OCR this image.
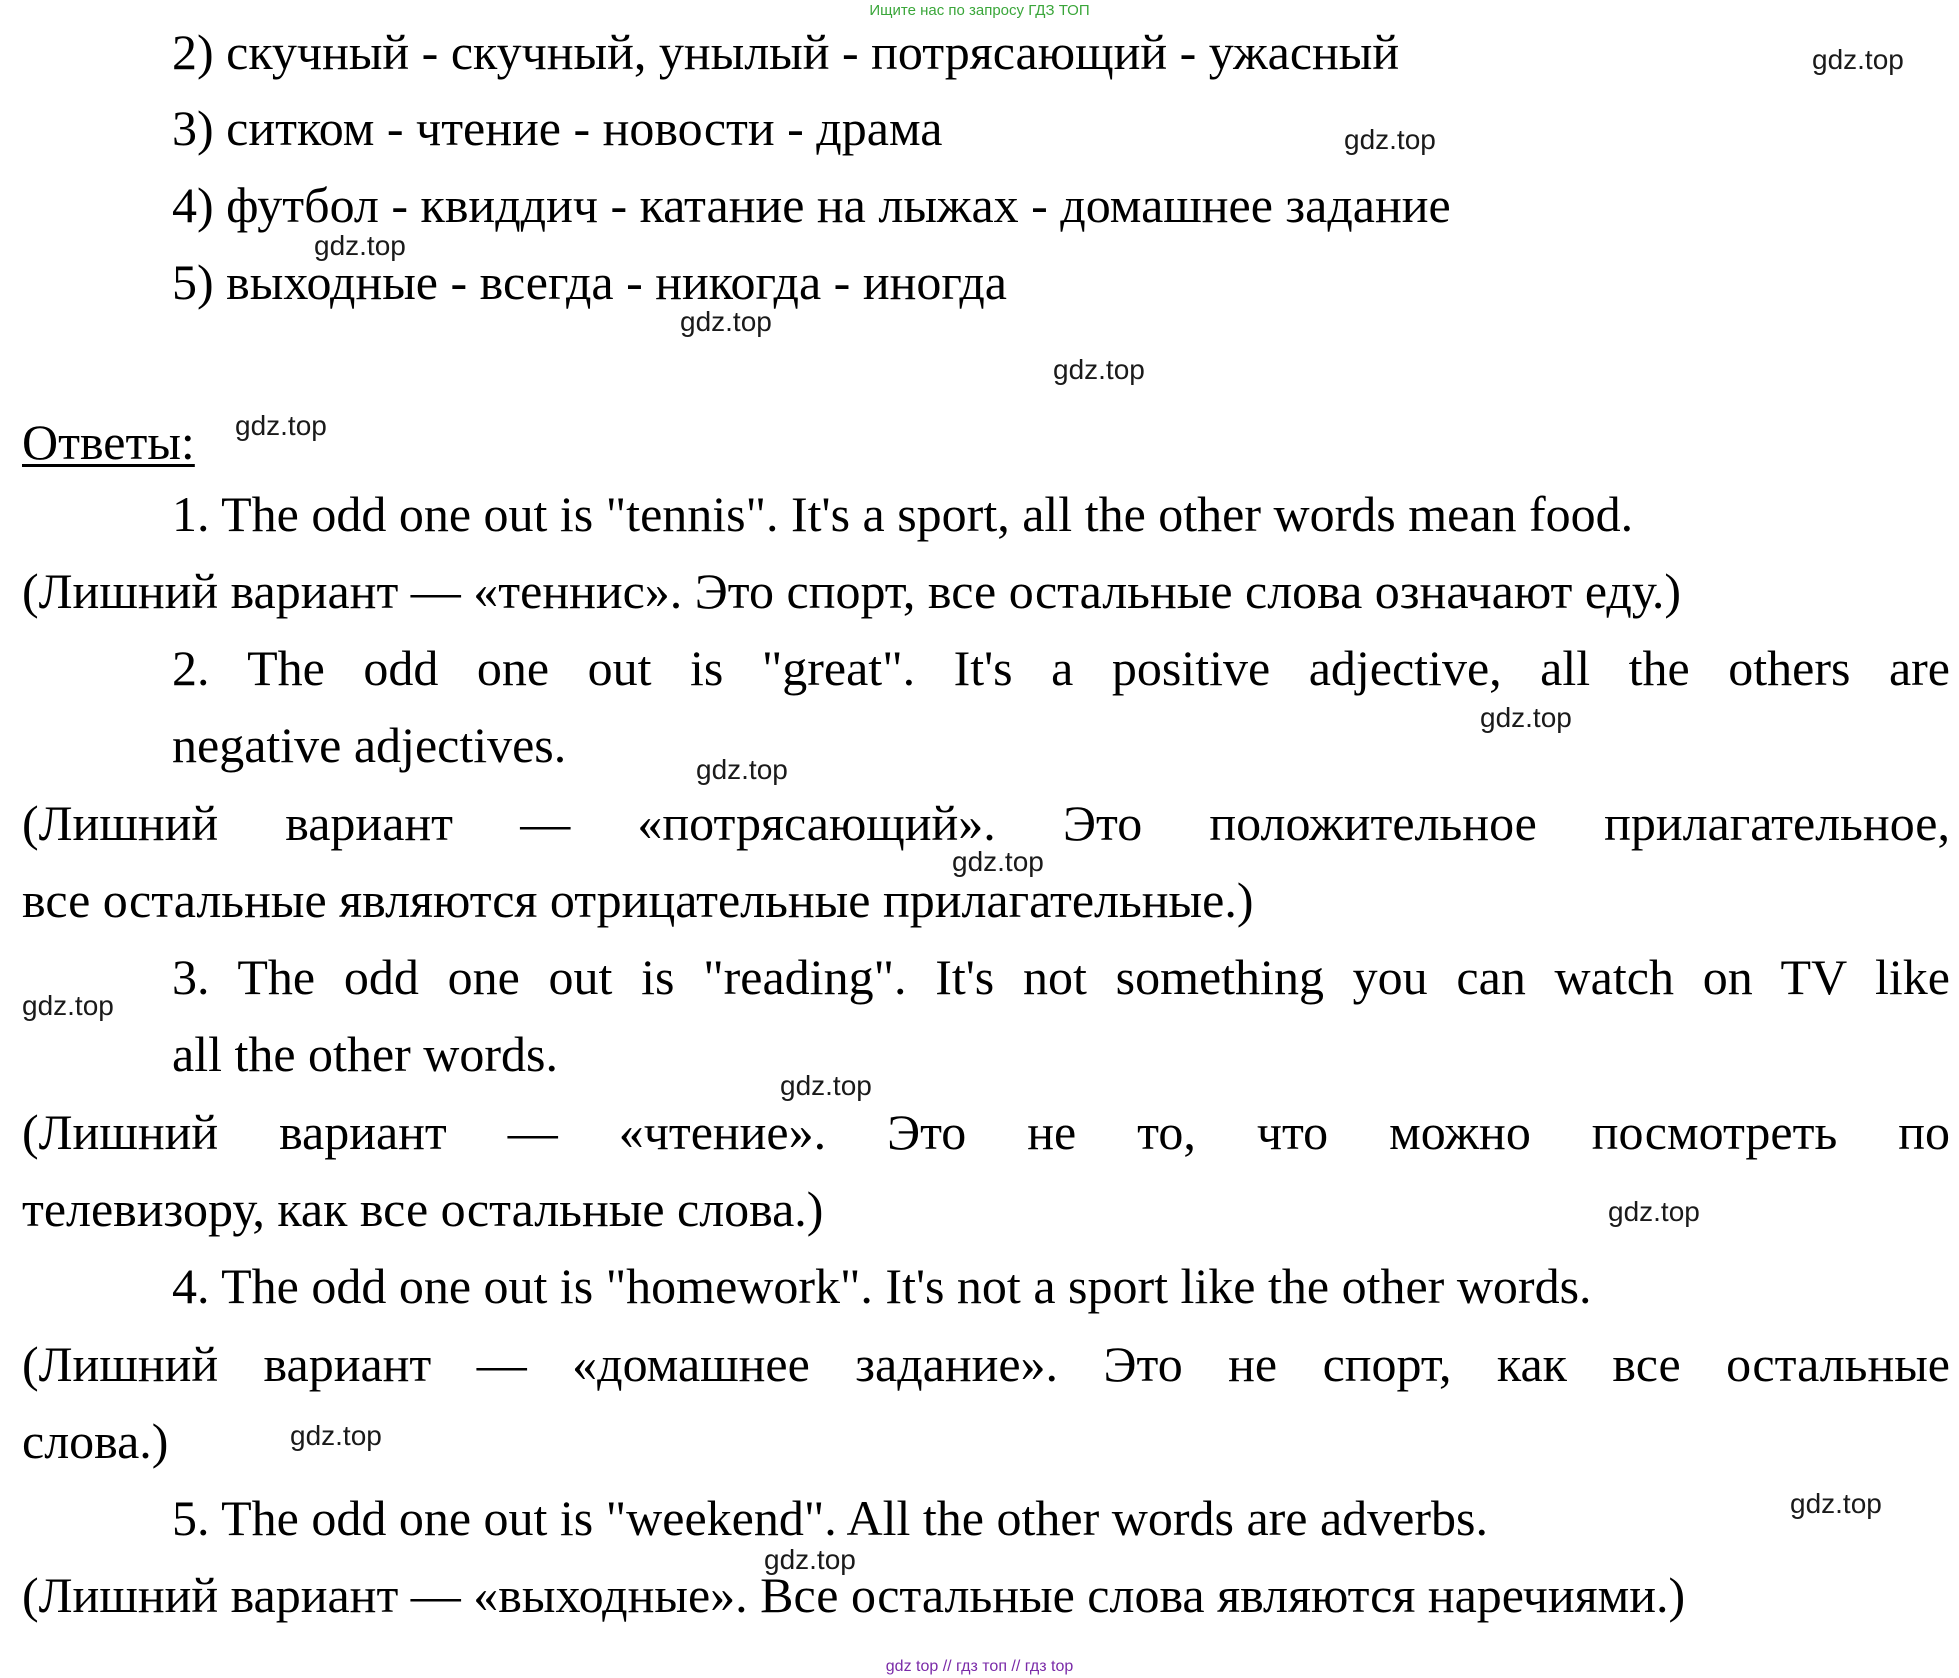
Ищите нас по запросу ГДЗ ТОП
2) скучный - скучный, унылый - потрясающий - ужасный
3) ситком - чтение - новости - драма
4) футбол - квиддич - катание на лыжах - домашнее задание
5) выходные - всегда - никогда - иногда
Ответы:
1. The odd one out is "tennis". It's a sport, all the other words mean food.
(Лишний вариант — «теннис». Это спорт, все остальные слова означают еду.)
2. The odd one out is "great". It's a positive adjective, all the others are
negative adjectives.
(Лишний вариант — «потрясающий». Это положительное прилагательное,
все остальные являются отрицательные прилагательные.)
3. The odd one out is "reading". It's not something you can watch on TV like
all the other words.
(Лишний вариант — «чтение». Это не то, что можно посмотреть по
телевизору, как все остальные слова.)
4. The odd one out is "homework". It's not a sport like the other words.
(Лишний вариант — «домашнее задание». Это не спорт, как все остальные
слова.)
5. The odd one out is "weekend". All the other words are adverbs.
(Лишний вариант — «выходные». Все остальные слова являются наречиями.)
gdz.top
gdz.top
gdz.top
gdz.top
gdz.top
gdz.top
gdz.top
gdz.top
gdz.top
gdz.top
gdz.top
gdz.top
gdz.top
gdz.top
gdz.top
gdz top // гдз топ // гдз top
